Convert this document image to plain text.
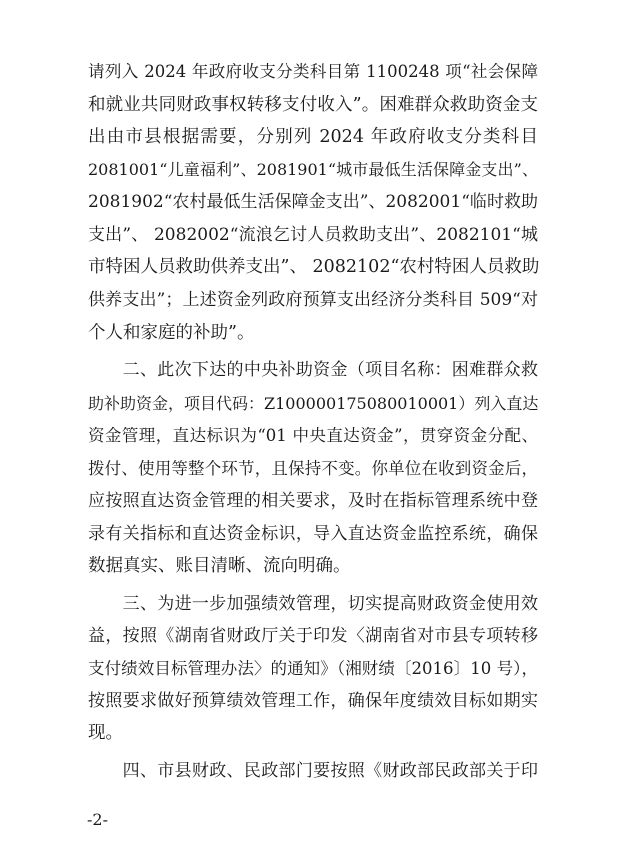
请列入 2024 年政府收支分类科目第 1100248 项“社会保障
和就业共同财政事权转移支付收入”。困难群众救助资金支
出由市县根据需要，分别列 2024 年政府收支分类科目
2081001“儿童福利”、2081901“城市最低生活保障金支出”、
2081902“农村最低生活保障金支出”、2082001“临时救助
支出”、 2082002“流浪乞讨人员救助支出”、2082101“城
市特困人员救助供养支出”、 2082102“农村特困人员救助
供养支出”；上述资金列政府预算支出经济分类科目 509“对
个人和家庭的补助”。
　　二、此次下达的中央补助资金（项目名称：困难群众救
助补助资金，项目代码：Z100000175080010001）列入直达
资金管理，直达标识为“01 中央直达资金”，贯穿资金分配、
拨付、使用等整个环节，且保持不变。你单位在收到资金后，
应按照直达资金管理的相关要求，及时在指标管理系统中登
录有关指标和直达资金标识，导入直达资金监控系统，确保
数据真实、账目清晰、流向明确。
　　三、为进一步加强绩效管理，切实提高财政资金使用效
益，按照《湖南省财政厅关于印发〈湖南省对市县专项转移
支付绩效目标管理办法〉的通知》（湘财绩〔2016〕10 号），
按照要求做好预算绩效管理工作，确保年度绩效目标如期实
现。
　　四、市县财政、民政部门要按照《财政部民政部关于印
-2-
